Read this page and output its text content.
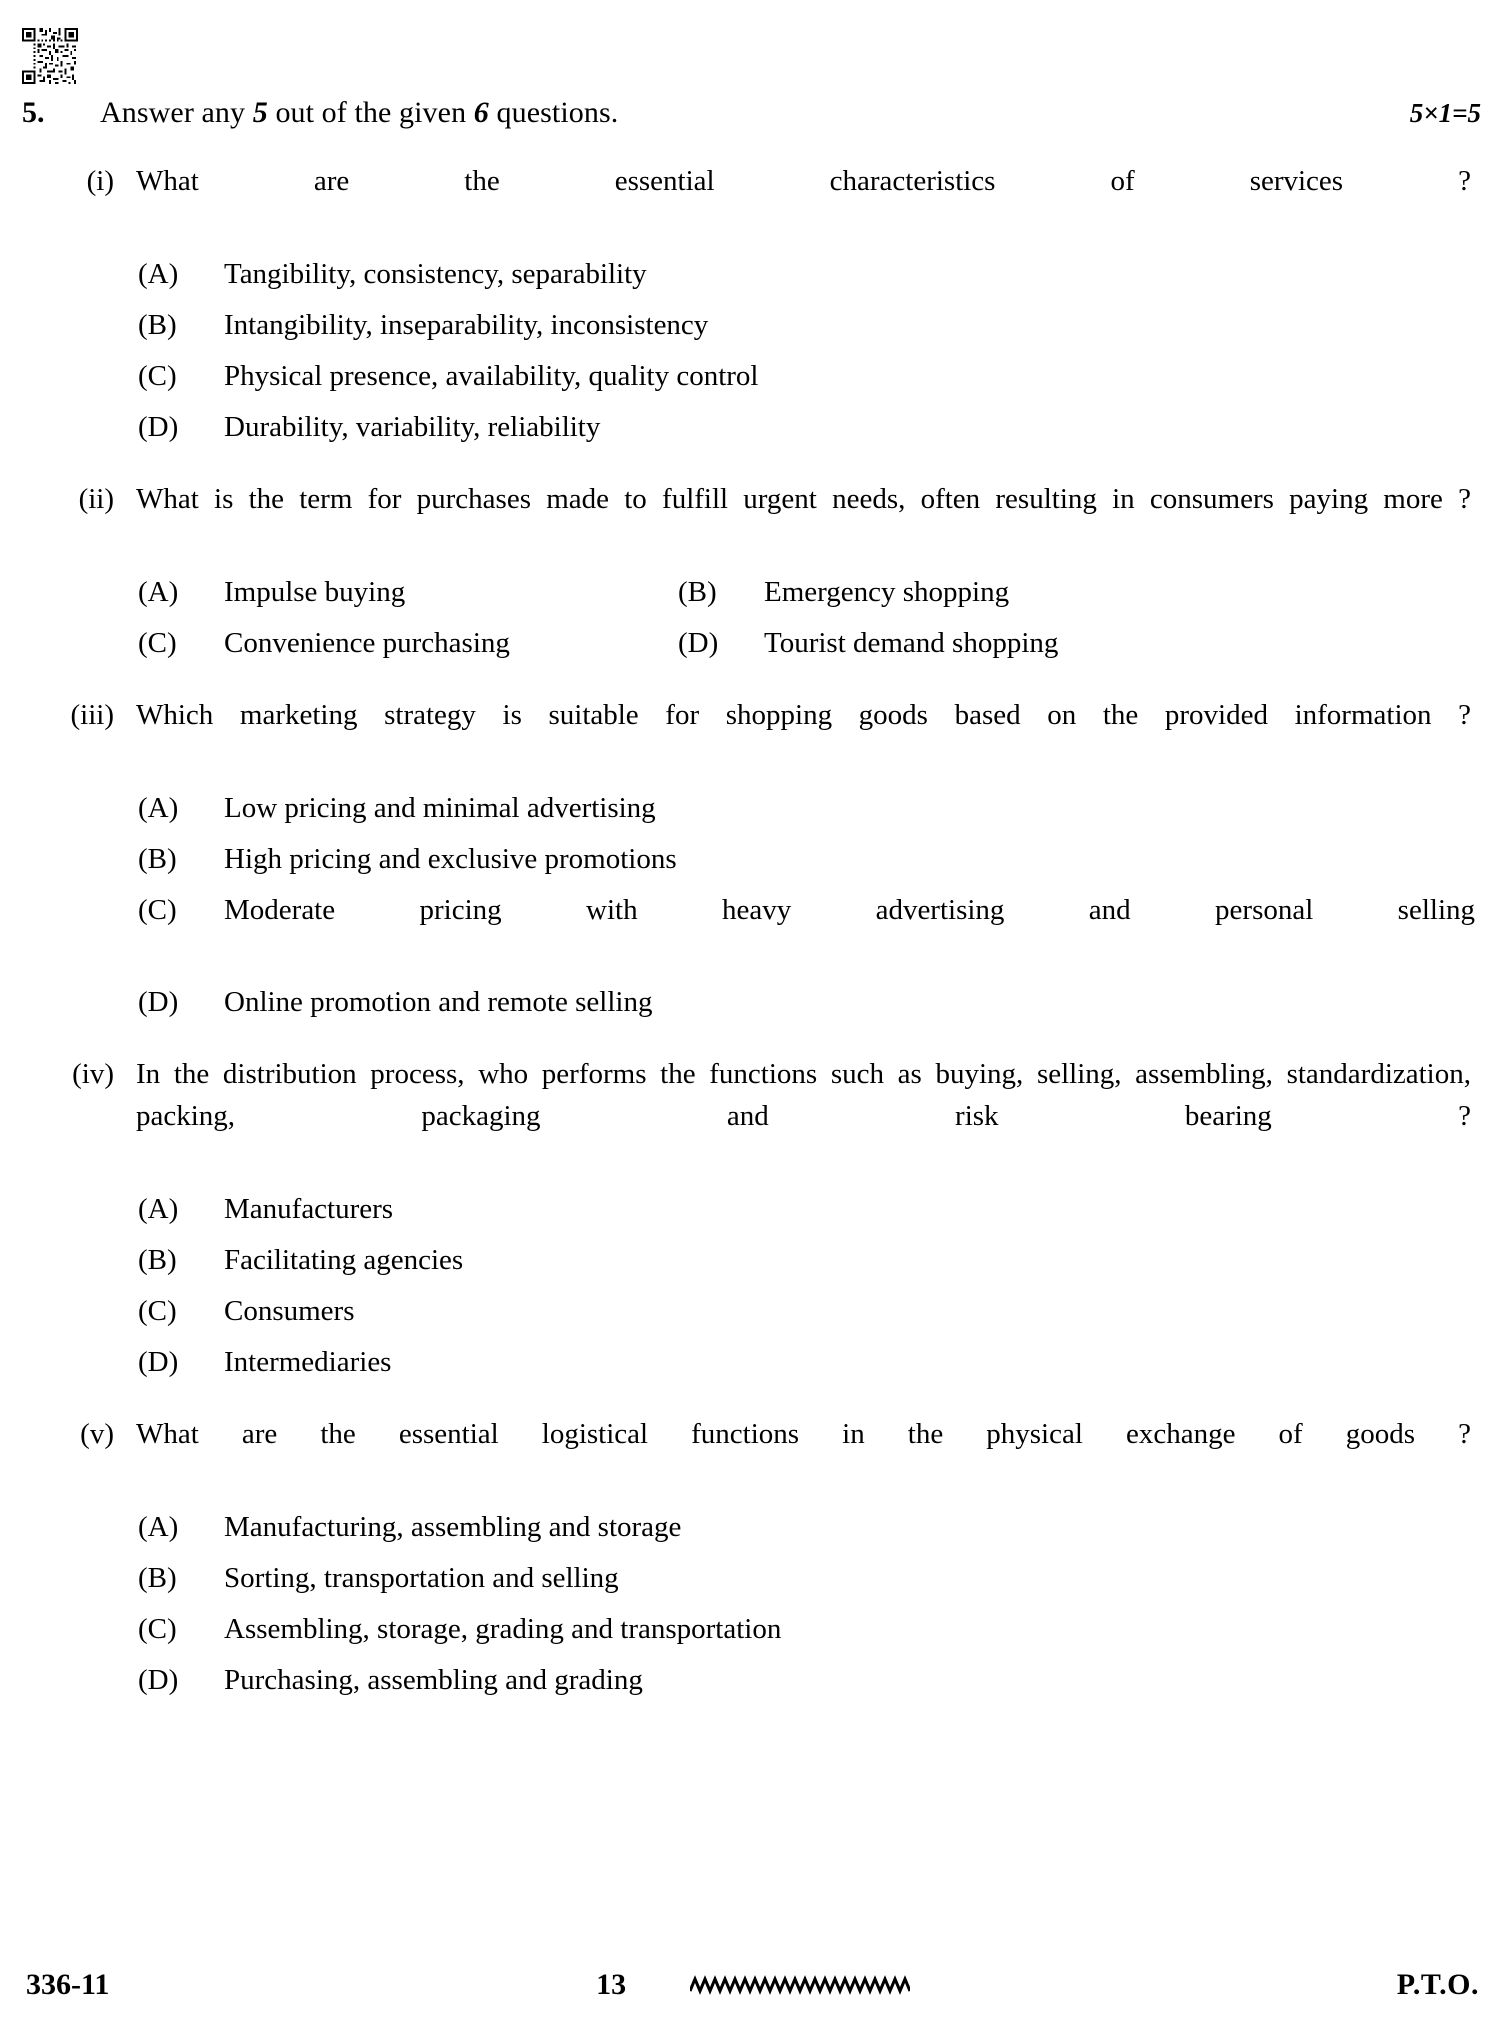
5.	Answer any 5 out of the given 6 questions.	5×1=5
(i) What are the essential characteristics of services ?

(A)	Tangibility, consistency, separability
(B)	Intangibility, inseparability, inconsistency
(C)	Physical presence, availability, quality control
(D)	Durability, variability, reliability
(ii) What is the term for purchases made to fulfill urgent needs, often resulting in consumers paying more ?

(A)	Impulse buying	(B)	Emergency shopping
(C)	Convenience purchasing	(D)	Tourist demand shopping
(iii) Which marketing strategy is suitable for shopping goods based on the provided information ?

(A)	Low pricing and minimal advertising
(B)	High pricing and exclusive promotions
(C)	Moderate pricing with heavy advertising and personal selling
(D)	Online promotion and remote selling
(iv) In the distribution process, who performs the functions such as buying, selling, assembling, standardization, packing, packaging and risk bearing ?

(A)	Manufacturers
(B)	Facilitating agencies
(C)	Consumers
(D)	Intermediaries
(v) What are the essential logistical functions in the physical exchange of goods ?

(A)	Manufacturing, assembling and storage
(B)	Sorting, transportation and selling
(C)	Assembling, storage, grading and transportation
(D)	Purchasing, assembling and grading
336-11	13	P.T.O.
